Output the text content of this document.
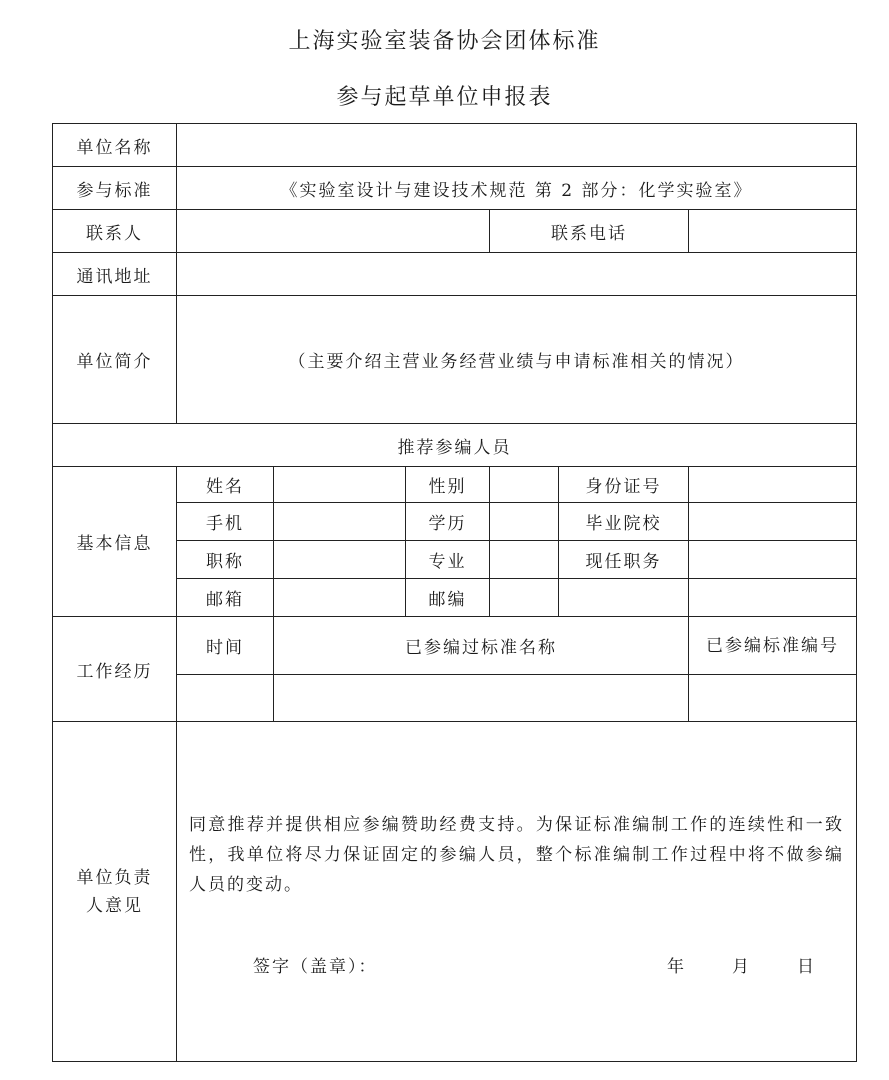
上海实验室装备协会团体标准
参与起草单位申报表
单位名称						
参与标准	《实验室设计与建设技术规范 第 2 部分：化学实验室》					
联系人				联系电话		
通讯地址						
单位简介	（主要介绍主营业务经营业绩与申请标准相关的情况）					
推荐参编人员						
基本信息	姓名		性别		身份证号	
	手机		学历		毕业院校	
	职称		专业		现任职务	
	邮箱		邮编			
工作经历	时间	已参编过标准名称				已参编标准编号

单位负责人意见	同意推荐并提供相应参编赞助经费支持。为保证标准编制工作的连续性和一致性，我单位将尽力保证固定的参编人员，整个标准编制工作过程中将不做参编人员的变动。
签字（盖章）： 年 月 日					
